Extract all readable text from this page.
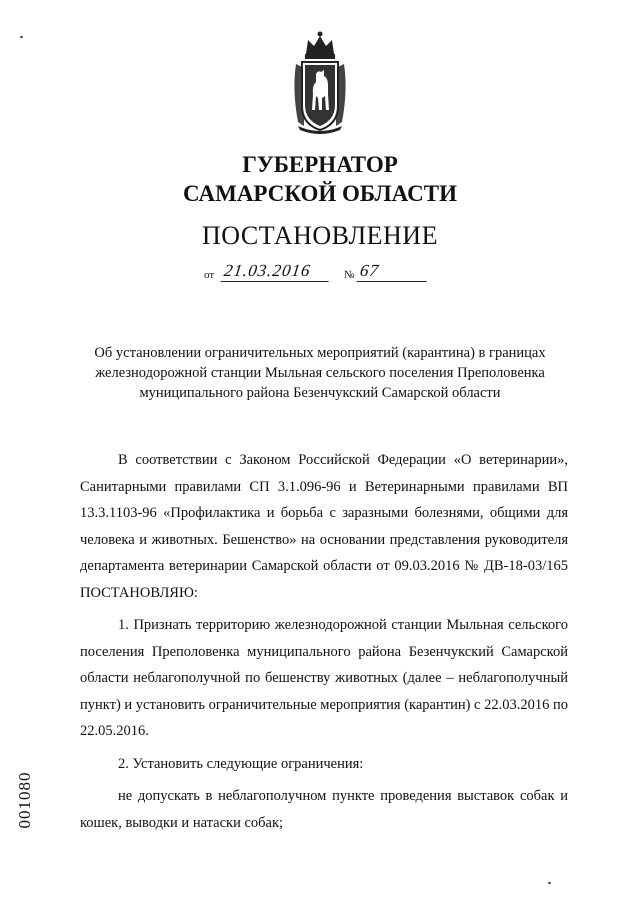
ГУБЕРНАТОР
САМАРСКОЙ ОБЛАСТИ
ПОСТАНОВЛЕНИЕ
от 21.03.2016	№ 67
Об установлении ограничительных мероприятий (карантина) в границах железнодорожной станции Мыльная сельского поселения Преполовенка муниципального района Безенчукский Самарской области

В соответствии с Законом Российской Федерации «О ветеринарии», Санитарными правилами СП 3.1.096-96 и Ветеринарными правилами ВП 13.3.1103-96 «Профилактика и борьба с заразными болезнями, общими для человека и животных. Бешенство» на основании представления руководителя департамента ветеринарии Самарской области от 09.03.2016 № ДВ-18-03/165 ПОСТАНОВЛЯЮ:

1. Признать территорию железнодорожной станции Мыльная сельского поселения Преполовенка муниципального района Безенчукский Самарской области неблагополучной по бешенству животных (далее – неблагополучный пункт) и установить ограничительные мероприятия (карантин) с 22.03.2016 по 22.05.2016.

2. Установить следующие ограничения:

не допускать в неблагополучном пункте проведения выставок собак и кошек, выводки и натаски собак;

001080
